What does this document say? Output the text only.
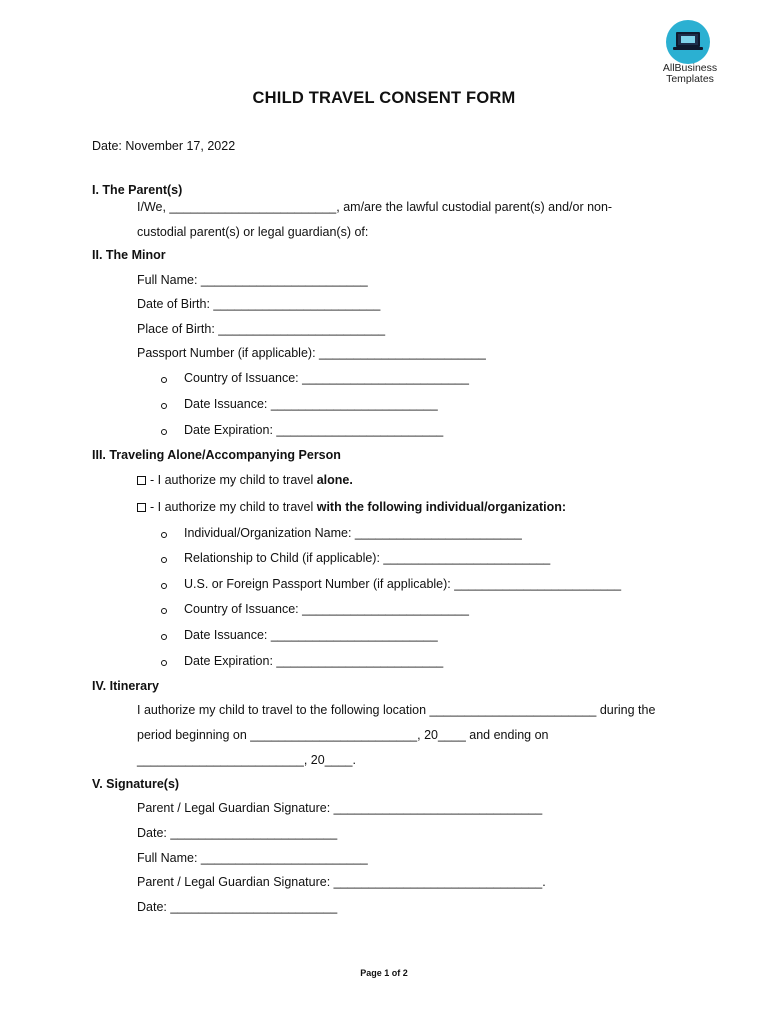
AllBusiness
Templates
CHILD TRAVEL CONSENT FORM
Date: November 17, 2022
I. The Parent(s)
I/We, ________________________, am/are the lawful custodial parent(s) and/or non-
custodial parent(s) or legal guardian(s) of:
II. The Minor
Full Name: ________________________
Date of Birth: ________________________
Place of Birth: ________________________
Passport Number (if applicable): ________________________
Country of Issuance: ________________________
Date Issuance: ________________________
Date Expiration: ________________________
III. Traveling Alone/Accompanying Person
- I authorize my child to travel alone.
- I authorize my child to travel with the following individual/organization:
Individual/Organization Name: ________________________
Relationship to Child (if applicable): ________________________
U.S. or Foreign Passport Number (if applicable): ________________________
Country of Issuance: ________________________
Date Issuance: ________________________
Date Expiration: ________________________
IV. Itinerary
I authorize my child to travel to the following location ________________________ during the
period beginning on ________________________, 20____ and ending on
________________________, 20____.
V. Signature(s)
Parent / Legal Guardian Signature: ______________________________
Date: ________________________
Full Name: ________________________
Parent / Legal Guardian Signature: ______________________________.
Date: ________________________
Page 1 of 2
